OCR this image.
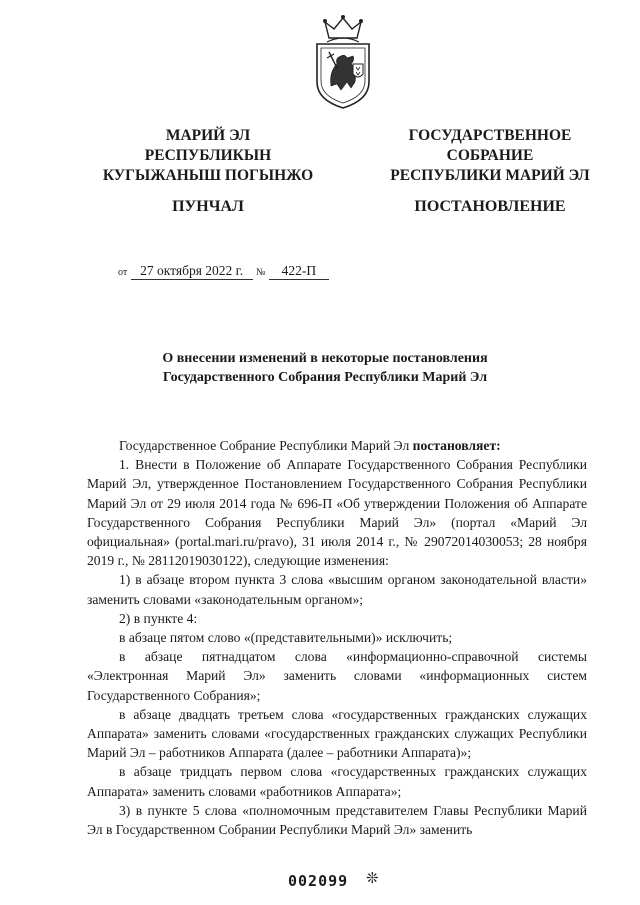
МАРИЙ ЭЛ
РЕСПУБЛИКЫН
КУГЫЖАНЫШ ПОГЫНЖО
ГОСУДАРСТВЕННОЕ
СОБРАНИЕ
РЕСПУБЛИКИ МАРИЙ ЭЛ
ПУНЧАЛ	ПОСТАНОВЛЕНИЕ
от 27 октября 2022 г. № 422-П
О внесении изменений в некоторые постановления
Государственного Собрания Республики Марий Эл

Государственное Собрание Республики Марий Эл постановляет:

1. Внести в Положение об Аппарате Государственного Собрания Республики Марий Эл, утвержденное Постановлением Государственного Собрания Республики Марий Эл от 29 июля 2014 года № 696-П «Об утверждении Положения об Аппарате Государственного Собрания Республики Марий Эл» (портал «Марий Эл официальная» (portal.mari.ru/pravo), 31 июля 2014 г., № 29072014030053; 28 ноября 2019 г., № 28112019030122), следующие изменения:

1) в абзаце втором пункта 3 слова «высшим органом законодательной власти» заменить словами «законодательным органом»;

2) в пункте 4:

в абзаце пятом слово «(представительными)» исключить;

в абзаце пятнадцатом слова «информационно-справочной системы «Электронная Марий Эл» заменить словами «информационных систем Государственного Собрания»;

в абзаце двадцать третьем слова «государственных гражданских служащих Аппарата» заменить словами «государственных гражданских служащих Республики Марий Эл – работников Аппарата (далее – работники Аппарата)»;

в абзаце тридцать первом слова «государственных гражданских служащих Аппарата» заменить словами «работников Аппарата»;

3) в пункте 5 слова «полномочным представителем Главы Республики Марий Эл в Государственном Собрании Республики Марий Эл» заменить

002099 ❊
